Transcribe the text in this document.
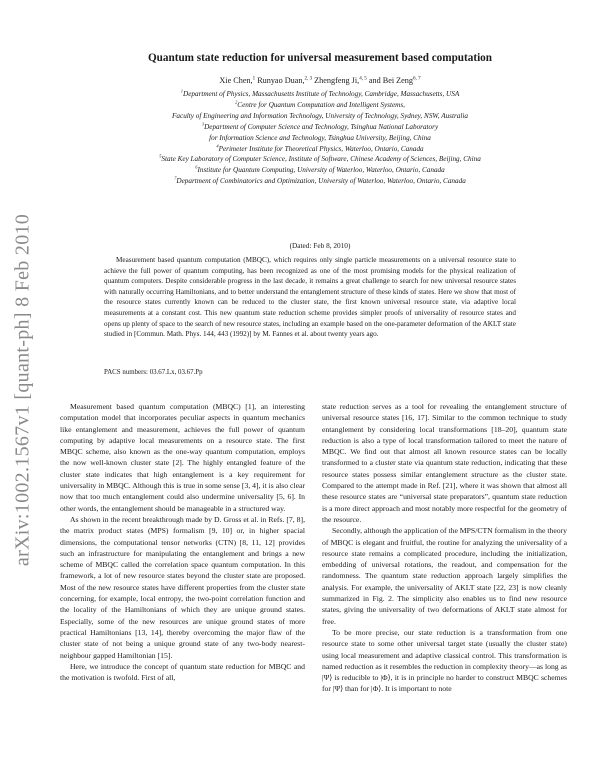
arXiv:1002.1567v1 [quant-ph] 8 Feb 2010
Quantum state reduction for universal measurement based computation
Xie Chen,$^1$ Runyao Duan,$^{2, 3}$ Zhengfeng Ji,$^{4, 5}$ and Bei Zeng$^{6, 7}$
$^1$Department of Physics, Massachusetts Institute of Technology, Cambridge, Massachusetts, USA
$^2$Centre for Quantum Computation and Intelligent Systems,
Faculty of Engineering and Information Technology, University of Technology, Sydney, NSW, Australia
$^3$Department of Computer Science and Technology, Tsinghua National Laboratory
for Information Science and Technology, Tsinghua University, Beijing, China
$^4$Perimeter Institute for Theoretical Physics, Waterloo, Ontario, Canada
$^5$State Key Laboratory of Computer Science, Institute of Software, Chinese Academy of Sciences, Beijing, China
$^6$Institute for Quantum Computing, University of Waterloo, Waterloo, Ontario, Canada
$^7$Department of Combinatorics and Optimization, University of Waterloo, Waterloo, Ontario, Canada
(Dated: Feb 8, 2010)
Measurement based quantum computation (MBQC), which requires only single particle measurements on a universal resource state to achieve the full power of quantum computing, has been recognized as one of the most promising models for the physical realization of quantum computers. Despite considerable progress in the last decade, it remains a great challenge to search for new universal resource states with naturally occurring Hamiltonians, and to better understand the entanglement structure of these kinds of states. Here we show that most of the resource states currently known can be reduced to the cluster state, the first known universal resource state, via adaptive local measurements at a constant cost. This new quantum state reduction scheme provides simpler proofs of universality of resource states and opens up plenty of space to the search of new resource states, including an example based on the one-parameter deformation of the AKLT state studied in [Commun. Math. Phys. 144, 443 (1992)] by M. Fannes et al. about twenty years ago.
PACS numbers: 03.67.Lx, 03.67.Pp

Measurement based quantum computation (MBQC) [1], an interesting computation model that incorporates peculiar aspects in quantum mechanics like entanglement and measurement, achieves the full power of quantum computing by adaptive local measurements on a resource state. The first MBQC scheme, also known as the one-way quantum computation, employs the now well-known cluster state [2]. The highly entangled feature of the cluster state indicates that high entanglement is a key requirement for universality in MBQC. Although this is true in some sense [3, 4], it is also clear now that too much entanglement could also undermine universality [5, 6]. In other words, the entanglement should be manageable in a structured way.

As shown in the recent breakthrough made by D. Gross et al. in Refs. [7, 8], the matrix product states (MPS) formalism [9, 10] or, in higher spacial dimensions, the computational tensor networks (CTN) [8, 11, 12] provides such an infrastructure for manipulating the entanglement and brings a new scheme of MBQC called the correlation space quantum computation. In this framework, a lot of new resource states beyond the cluster state are proposed. Most of the new resource states have different properties from the cluster state concerning, for example, local entropy, the two-point correlation function and the locality of the Hamiltonians of which they are unique ground states. Especially, some of the new resources are unique ground states of more practical Hamiltonians [13, 14], thereby overcoming the major flaw of the cluster state of not being a unique ground state of any two-body nearest-neighbour gapped Hamiltonian [15].

Here, we introduce the concept of quantum state reduction for MBQC and the motivation is twofold. First of all,

state reduction serves as a tool for revealing the entanglement structure of universal resource states [16, 17]. Similar to the common technique to study entanglement by considering local transformations [18–20], quantum state reduction is also a type of local transformation tailored to meet the nature of MBQC. We find out that almost all known resource states can be locally transformed to a cluster state via quantum state reduction, indicating that these resource states possess similar entanglement structure as the cluster state. Compared to the attempt made in Ref. [21], where it was shown that almost all these resource states are “universal state preparators”, quantum state reduction is a more direct approach and most notably more respectful for the geometry of the resource.

Secondly, although the application of the MPS/CTN formalism in the theory of MBQC is elegant and fruitful, the routine for analyzing the universality of a resource state remains a complicated procedure, including the initialization, embedding of universal rotations, the readout, and compensation for the randomness. The quantum state reduction approach largely simplifies the analysis. For example, the universality of AKLT state [22, 23] is now cleanly summarized in Fig. 2. The simplicity also enables us to find new resource states, giving the universality of two deformations of AKLT state almost for free.

To be more precise, our state reduction is a transformation from one resource state to some other universal target state (usually the cluster state) using local measurement and adaptive classical control. This transformation is named reduction as it resembles the reduction in complexity theory—as long as |Ψ⟩ is reducible to |Φ⟩, it is in principle no harder to construct MBQC schemes for |Ψ⟩ than for |Φ⟩. It is important to note
